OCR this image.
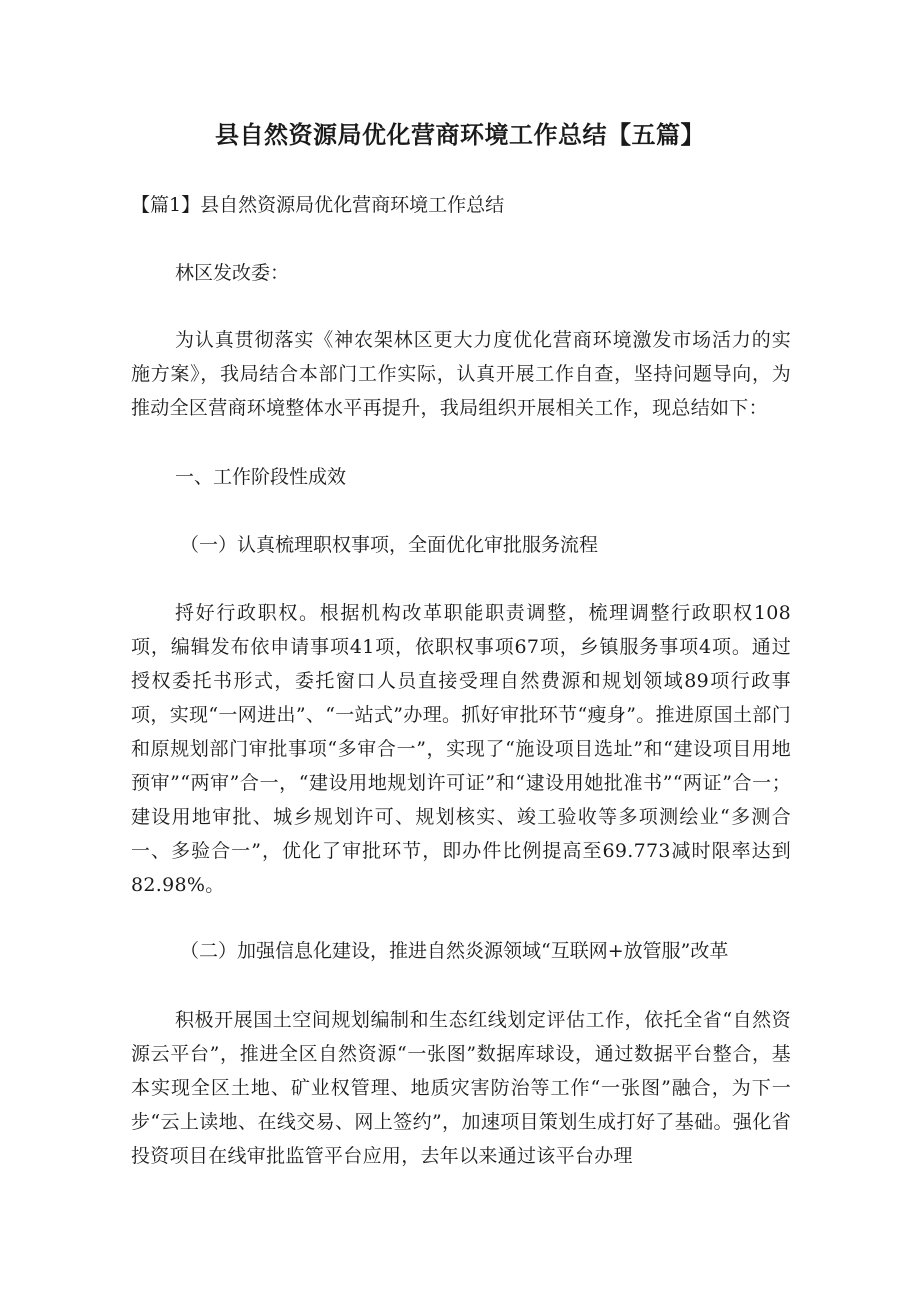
县自然资源局优化营商环境工作总结【五篇】
【篇1】县自然资源局优化营商环境工作总结
林区发改委：
为认真贯彻落实《神农架林区更大力度优化营商环境激发市场活力的实施方案》，我局结合本部门工作实际，认真开展工作自查，坚持问题导向，为推动全区营商环境整体水平再提升，我局组织开展相关工作，现总结如下：
一、工作阶段性成效
（一）认真梳理职权事项，全面优化审批服务流程
捋好行政职权。根据机构改革职能职责调整，梳理调整行政职权108项，编辑发布依申请事项41项，依职权事项67项，乡镇服务事项4项。通过授权委托书形式，委托窗口人员直接受理自然费源和规划领域89项行政事项，实现“一网进出”、“一站式”办理。抓好审批环节“瘦身”。推进原国土部门和原规划部门审批事项“多审合一”，实现了“施设项目选址”和“建设项目用地预审”“两审”合一，“建设用地规划许可证”和“逮设用她批准书”“两证”合一；建设用地审批、城乡规划许可、规划核实、竣工验收等多项测绘业“多测合一、多验合一”，优化了审批环节，即办件比例提高至69.773减时限率达到82.98%。
（二）加强信息化建设，推进自然炎源领域“互联网+放管服”改革
积极开展国土空间规划编制和生态红线划定评估工作，依托全省“自然资源云平台”，推进全区自然资源“一张图”数据库球设，通过数据平台整合，基本实现全区土地、矿业权管理、地质灾害防治等工作“一张图”融合，为下一步“云上读地、在线交易、网上签约”，加速项目策划生成打好了基础。强化省投资项目在线审批监管平台应用，去年以来通过该平台办理
